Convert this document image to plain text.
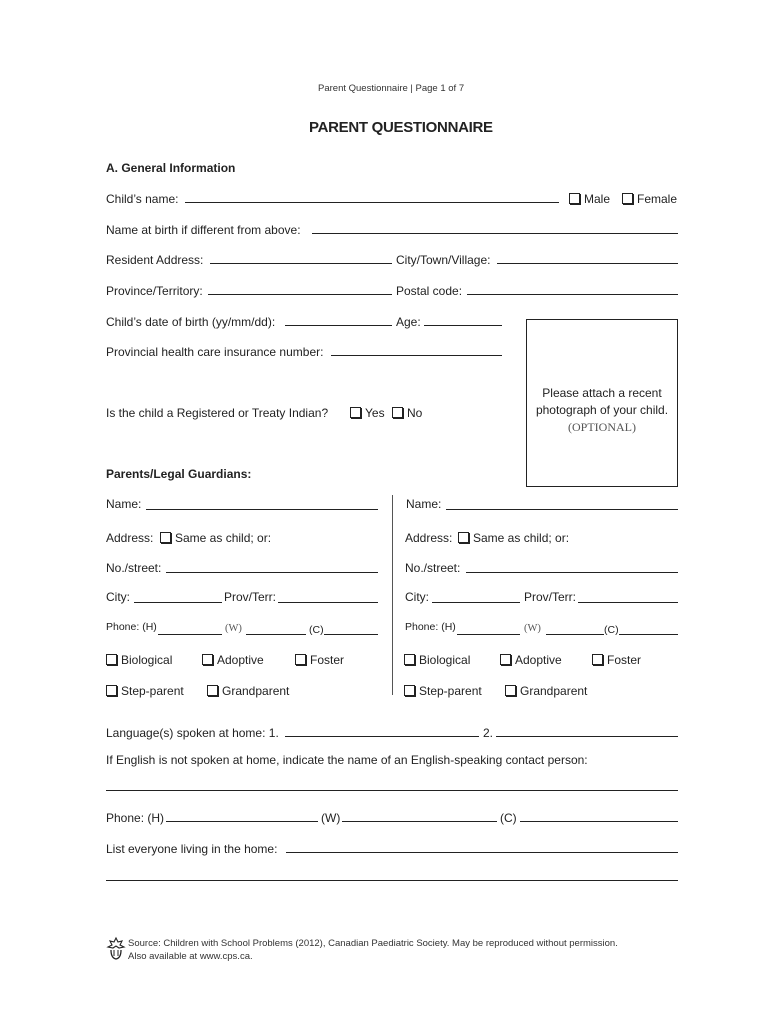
Parent Questionnaire | Page 1 of 7
PARENT QUESTIONNAIRE
A. General Information
Child’s name:	Male	Female
Name at birth if different from above:
Resident Address:	City/Town/Village:
Province/Territory:	Postal code:
Child’s date of birth (yy/mm/dd):	Age:
Provincial health care insurance number:
Is the child a Registered or Treaty Indian?	Yes	No
Please attach a recent
photograph of your child.
(OPTIONAL)
Parents/Legal Guardians:
Name:
Address:	Same as child; or:
No./street:
City:	Prov/Terr:
Phone: (H)	(W)	(C)
Biological	Adoptive	Foster
Step-parent	Grandparent
Name:
Address:	Same as child; or:
No./street:
City:	Prov/Terr:
Phone: (H)	(W)	(C)
Biological	Adoptive	Foster
Step-parent	Grandparent
Language(s) spoken at home: 1.	2.
If English is not spoken at home, indicate the name of an English-speaking contact person:
Phone: (H)	(W)	(C)
List everyone living in the home:
Source: Children with School Problems (2012), Canadian Paediatric Society. May be reproduced without permission.
Also available at www.cps.ca.
